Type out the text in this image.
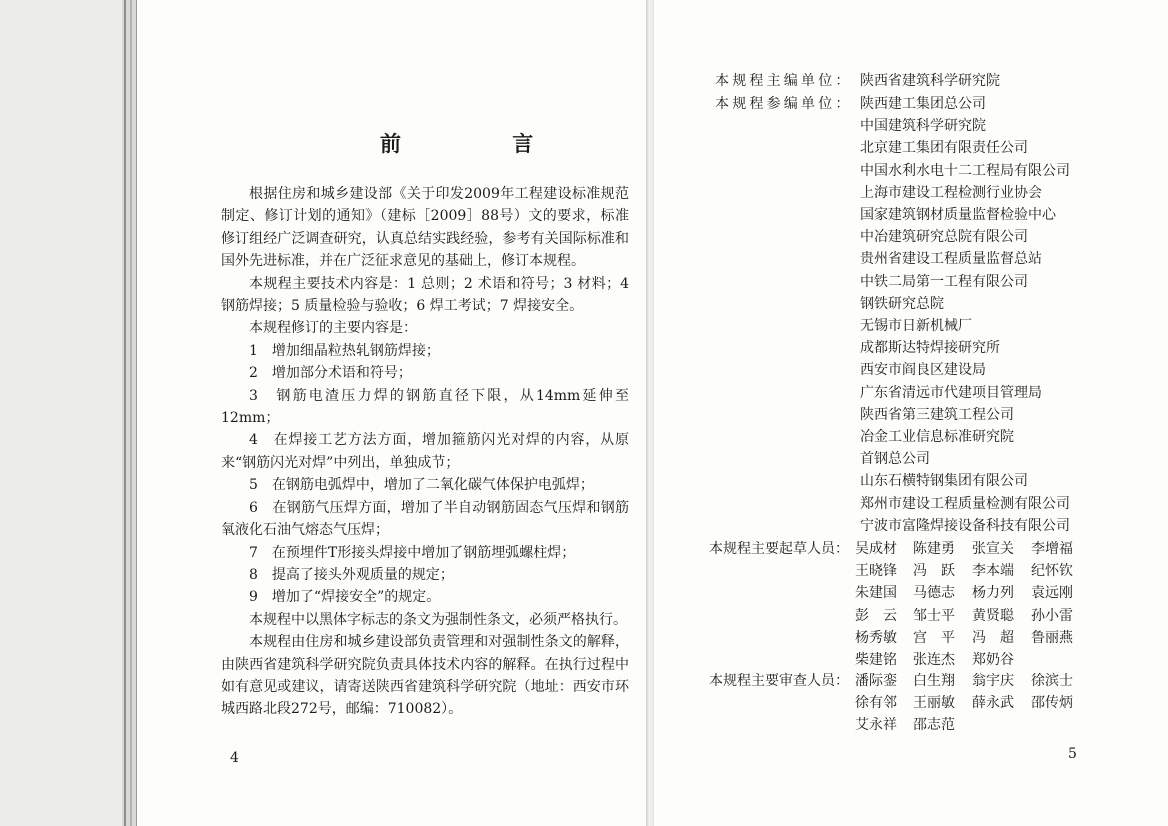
前 言

根据住房和城乡建设部《关于印发2009年工程建设标准规范制定、修订计划的通知》（建标［2009］88号）文的要求，标准修订组经广泛调查研究，认真总结实践经验，参考有关国际标准和国外先进标准，并在广泛征求意见的基础上，修订本规程。

本规程主要技术内容是：1 总则；2 术语和符号；3 材料；4 钢筋焊接；5 质量检验与验收；6 焊工考试；7 焊接安全。

本规程修订的主要内容是：

1　增加细晶粒热轧钢筋焊接；

2　增加部分术语和符号；

3　钢筋电渣压力焊的钢筋直径下限，从14mm延伸至12mm；

4　在焊接工艺方法方面，增加箍筋闪光对焊的内容，从原来“钢筋闪光对焊”中列出，单独成节；

5　在钢筋电弧焊中，增加了二氧化碳气体保护电弧焊；

6　在钢筋气压焊方面，增加了半自动钢筋固态气压焊和钢筋氧液化石油气熔态气压焊；

7　在预埋件T形接头焊接中增加了钢筋埋弧螺柱焊；

8　提高了接头外观质量的规定；

9　增加了“焊接安全”的规定。

本规程中以黑体字标志的条文为强制性条文，必须严格执行。

本规程由住房和城乡建设部负责管理和对强制性条文的解释，由陕西省建筑科学研究院负责具体技术内容的解释。在执行过程中如有意见或建议，请寄送陕西省建筑科学研究院（地址：西安市环城西路北段272号，邮编：710082）。

4
本规程主编单位： 陕西省建筑科学研究院
本规程参编单位： 陕西建工集团总公司
中国建筑科学研究院
北京建工集团有限责任公司
中国水利水电十二工程局有限公司
上海市建设工程检测行业协会
国家建筑钢材质量监督检验中心
中冶建筑研究总院有限公司
贵州省建设工程质量监督总站
中铁二局第一工程有限公司
钢铁研究总院
无锡市日新机械厂
成都斯达特焊接研究所
西安市阎良区建设局
广东省清远市代建项目管理局
陕西省第三建筑工程公司
冶金工业信息标准研究院
首钢总公司
山东石横特钢集团有限公司
郑州市建设工程质量检测有限公司
宁波市富隆焊接设备科技有限公司
本规程主要起草人员： 吴成材 陈建勇 张宣关 李增福
王晓锋 冯　跃 李本端 纪怀钦
朱建国 马德志 杨力列 袁远刚
彭　云 邹士平 黄贤聪 孙小雷
杨秀敏 宫　平 冯　超 鲁丽燕
柴建铭 张连杰 郑奶谷
本规程主要审查人员： 潘际銮 白生翔 翁宇庆 徐滨士
徐有邻 王丽敏 薛永武 邵传炳
艾永祥 邵志范
5
